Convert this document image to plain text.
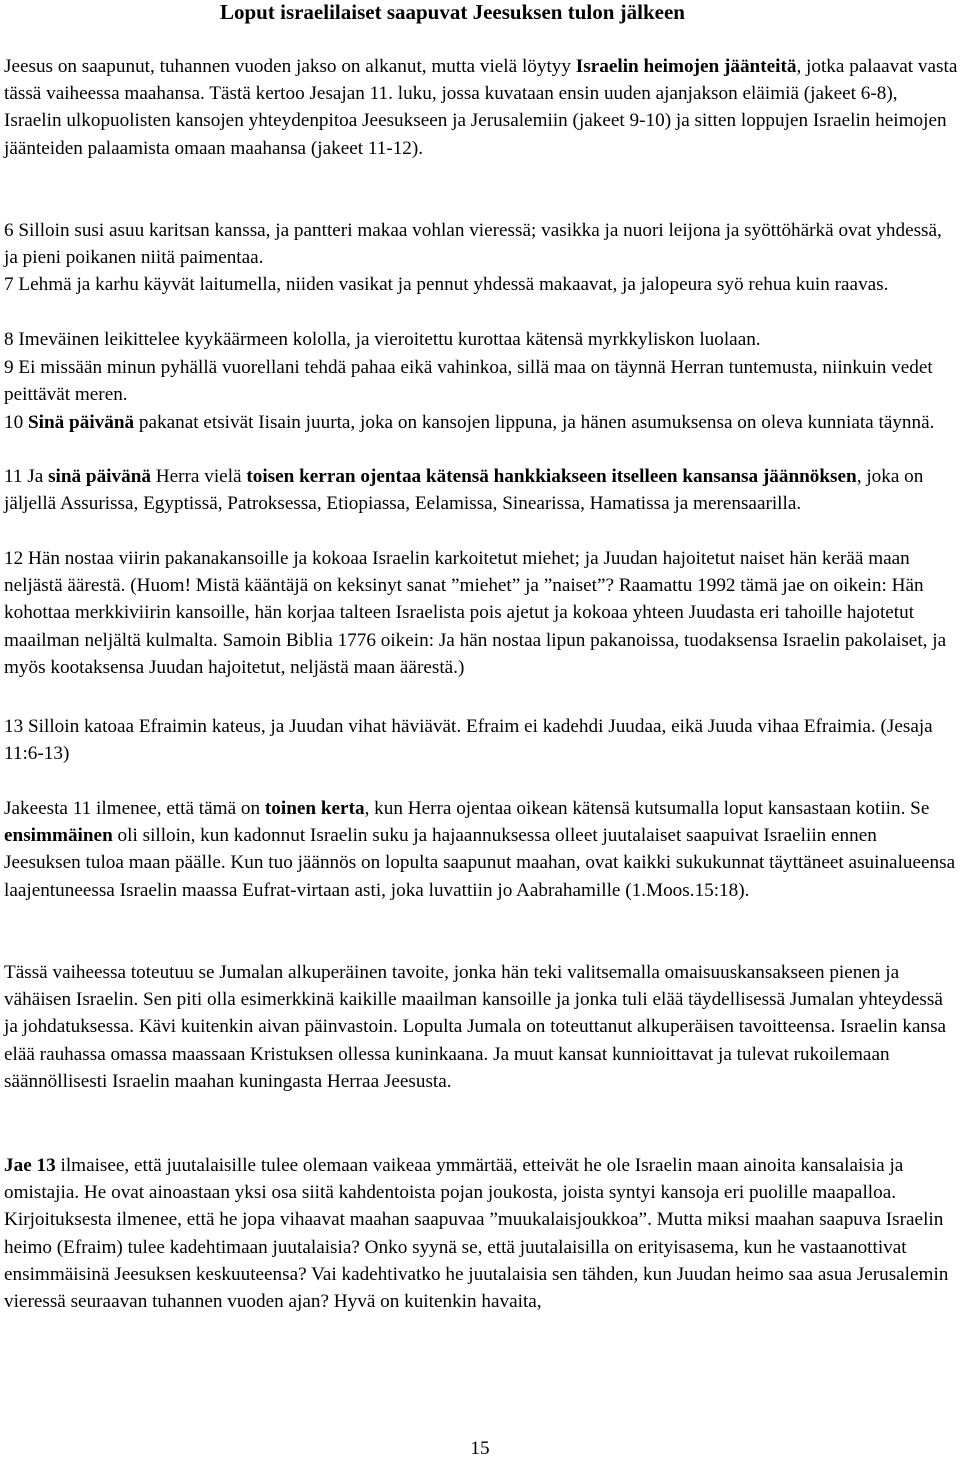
Loput israelilaiset saapuvat Jeesuksen tulon jälkeen

Jeesus on saapunut, tuhannen vuoden jakso on alkanut, mutta vielä löytyy Israelin heimojen jäänteitä, jotka palaavat vasta tässä vaiheessa maahansa. Tästä kertoo Jesajan 11. luku, jossa kuvataan ensin uuden ajanjakson eläimiä (jakeet 6-8), Israelin ulkopuolisten kansojen yhteydenpitoa Jeesukseen ja Jerusalemiin (jakeet 9-10) ja sitten loppujen Israelin heimojen jäänteiden palaamista omaan maahansa (jakeet 11-12).

6 Silloin susi asuu karitsan kanssa, ja pantteri makaa vohlan vieressä; vasikka ja nuori leijona ja syöttöhärkä ovat yhdessä, ja pieni poikanen niitä paimentaa.

7 Lehmä ja karhu käyvät laitumella, niiden vasikat ja pennut yhdessä makaavat, ja jalopeura syö rehua kuin raavas.

8 Imeväinen leikittelee kyykäärmeen kololla, ja vieroitettu kurottaa kätensä myrkkyliskon luolaan.

9 Ei missään minun pyhällä vuorellani tehdä pahaa eikä vahinkoa, sillä maa on täynnä Herran tuntemusta, niinkuin vedet peittävät meren.

10 Sinä päivänä pakanat etsivät Iisain juurta, joka on kansojen lippuna, ja hänen asumuksensa on oleva kunniata täynnä.

11 Ja sinä päivänä Herra vielä toisen kerran ojentaa kätensä hankkiakseen itselleen kansansa jäännöksen, joka on jäljellä Assurissa, Egyptissä, Patroksessa, Etiopiassa, Eelamissa, Sinearissa, Hamatissa ja merensaarilla.

12 Hän nostaa viirin pakanakansoille ja kokoaa Israelin karkoitetut miehet; ja Juudan hajoitetut naiset hän kerää maan neljästä äärestä. (Huom! Mistä kääntäjä on keksinyt sanat ”miehet” ja ”naiset”? Raamattu 1992 tämä jae on oikein: Hän kohottaa merkkiviirin kansoille, hän korjaa talteen Israelista pois ajetut ja kokoaa yhteen Juudasta eri tahoille hajotetut maailman neljältä kulmalta. Samoin Biblia 1776 oikein: Ja hän nostaa lipun pakanoissa, tuodaksensa Israelin pakolaiset, ja myös kootaksensa Juudan hajoitetut, neljästä maan äärestä.)

13 Silloin katoaa Efraimin kateus, ja Juudan vihat häviävät. Efraim ei kadehdi Juudaa, eikä Juuda vihaa Efraimia. (Jesaja 11:6-13)

Jakeesta 11 ilmenee, että tämä on toinen kerta, kun Herra ojentaa oikean kätensä kutsumalla loput kansastaan kotiin. Se ensimmäinen oli silloin, kun kadonnut Israelin suku ja hajaannuksessa olleet juutalaiset saapuivat Israeliin ennen Jeesuksen tuloa maan päälle. Kun tuo jäännös on lopulta saapunut maahan, ovat kaikki sukukunnat täyttäneet asuinalueensa laajentuneessa Israelin maassa Eufrat-virtaan asti, joka luvattiin jo Aabrahamille (1.Moos.15:18).

Tässä vaiheessa toteutuu se Jumalan alkuperäinen tavoite, jonka hän teki valitsemalla omaisuuskansakseen pienen ja vähäisen Israelin. Sen piti olla esimerkkinä kaikille maailman kansoille ja jonka tuli elää täydellisessä Jumalan yhteydessä ja johdatuksessa. Kävi kuitenkin aivan päinvastoin. Lopulta Jumala on toteuttanut alkuperäisen tavoitteensa. Israelin kansa elää rauhassa omassa maassaan Kristuksen ollessa kuninkaana. Ja muut kansat kunnioittavat ja tulevat rukoilemaan säännöllisesti Israelin maahan kuningasta Herraa Jeesusta.

Jae 13 ilmaisee, että juutalaisille tulee olemaan vaikeaa ymmärtää, etteivät he ole Israelin maan ainoita kansalaisia ja omistajia. He ovat ainoastaan yksi osa siitä kahdentoista pojan joukosta, joista syntyi kansoja eri puolille maapalloa. Kirjoituksesta ilmenee, että he jopa vihaavat maahan saapuvaa ”muukalaisjoukkoa”. Mutta miksi maahan saapuva Israelin heimo (Efraim) tulee kadehtimaan juutalaisia? Onko syynä se, että juutalaisilla on erityisasema, kun he vastaanottivat ensimmäisinä Jeesuksen keskuuteensa? Vai kadehtivatko he juutalaisia sen tähden, kun Juudan heimo saa asua Jerusalemin vieressä seuraavan tuhannen vuoden ajan? Hyvä on kuitenkin havaita,

15
